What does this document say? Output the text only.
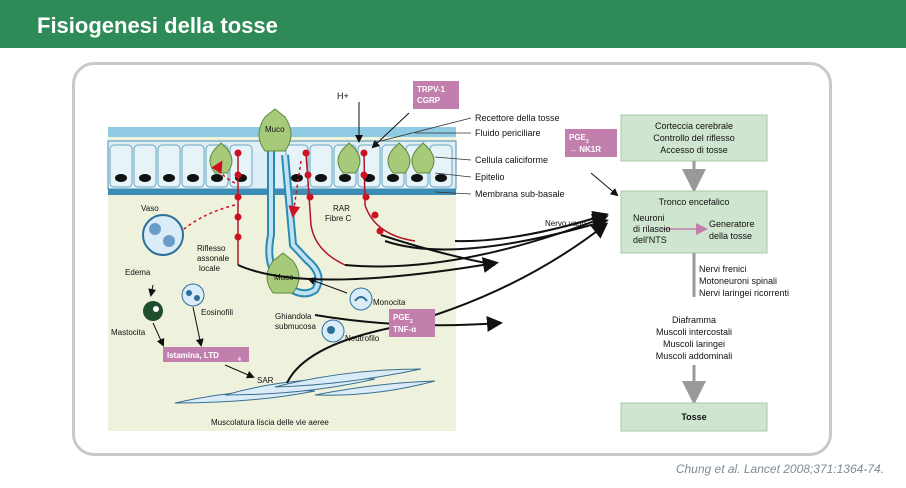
Fisiogenesi della tosse
H+
Muco
Muco
Recettore della tosse
Fluido periciliare
Cellula caliciforme
Epitelio
Membrana sub-basale
Vaso
Edema
Riflesso
assonale
locale
Eosinofili
Mastocita
RAR
Fibre C
Monocita
Ghiandola
submucosa
Neutrofilo
SAR
Muscolatura liscia delle vie aeree
Nervo vago
TRPV-1
CGRP
PGE 2
→ NK1R
PGE 2
TNF-α
Istamina, LTD	4
Corteccia cerebrale
Controllo del riflesso
Accesso di tosse
Tronco encefalico
Tosse
Neuroni
di rilascio
dell'NTS
Generatore
della tosse
Nervi frenici
Motoneuroni spinali
Nervi laringei ricorrenti
Diaframma
Muscoli intercostali
Muscoli laringei
Muscoli addominali
Chung et al. Lancet 2008;371:1364-74.
